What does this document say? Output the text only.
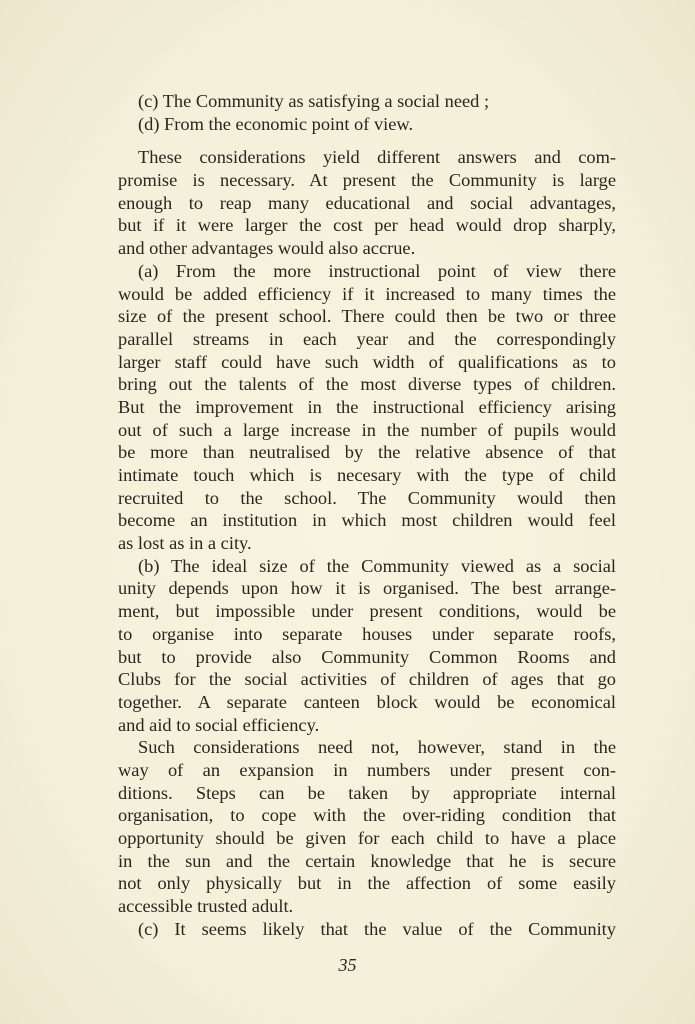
(c) The Community as satisfying a social need ;
(d) From the economic point of view.
These considerations yield different answers and com-
promise is necessary. At present the Community is large
enough to reap many educational and social advantages,
but if it were larger the cost per head would drop sharply,
and other advantages would also accrue.
(a) From the more instructional point of view there
would be added efficiency if it increased to many times the
size of the present school. There could then be two or three
parallel streams in each year and the correspondingly
larger staff could have such width of qualifications as to
bring out the talents of the most diverse types of children.
But the improvement in the instructional efficiency arising
out of such a large increase in the number of pupils would
be more than neutralised by the relative absence of that
intimate touch which is necesary with the type of child
recruited to the school. The Community would then
become an institution in which most children would feel
as lost as in a city.
(b) The ideal size of the Community viewed as a social
unity depends upon how it is organised. The best arrange-
ment, but impossible under present conditions, would be
to organise into separate houses under separate roofs,
but to provide also Community Common Rooms and
Clubs for the social activities of children of ages that go
together. A separate canteen block would be economical
and aid to social efficiency.
Such considerations need not, however, stand in the
way of an expansion in numbers under present con-
ditions. Steps can be taken by appropriate internal
organisation, to cope with the over-riding condition that
opportunity should be given for each child to have a place
in the sun and the certain knowledge that he is secure
not only physically but in the affection of some easily
accessible trusted adult.
(c) It seems likely that the value of the Community
35
